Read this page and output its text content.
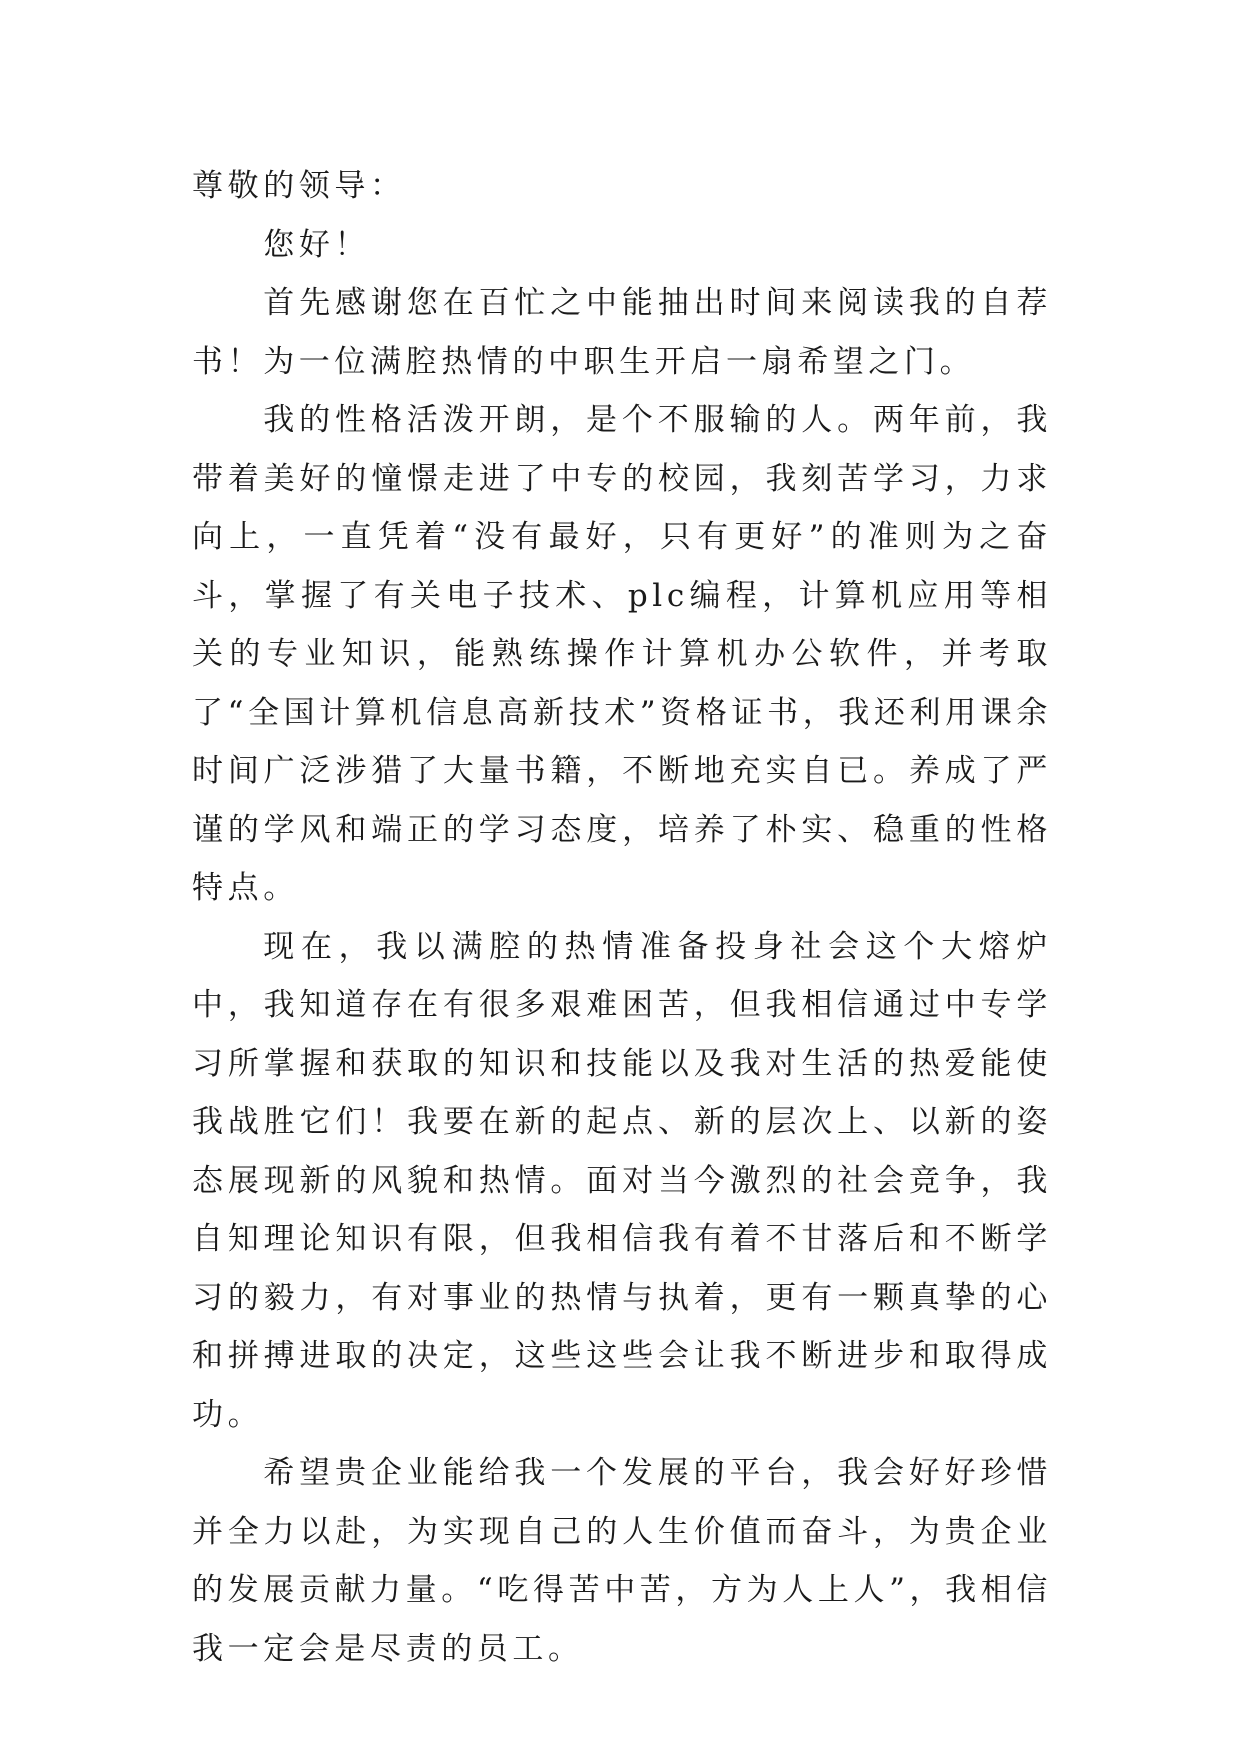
尊敬的领导：

您好！

首先感谢您在百忙之中能抽出时间来阅读我的自荐书！为一位满腔热情的中职生开启一扇希望之门。

我的性格活泼开朗，是个不服输的人。两年前，我带着美好的憧憬走进了中专的校园，我刻苦学习，力求向上，一直凭着“没有最好，只有更好”的准则为之奋斗，掌握了有关电子技术、plc编程，计算机应用等相关的专业知识，能熟练操作计算机办公软件，并考取了“全国计算机信息高新技术”资格证书，我还利用课余时间广泛涉猎了大量书籍，不断地充实自已。养成了严谨的学风和端正的学习态度，培养了朴实、稳重的性格特点。

现在，我以满腔的热情准备投身社会这个大熔炉中，我知道存在有很多艰难困苦，但我相信通过中专学习所掌握和获取的知识和技能以及我对生活的热爱能使我战胜它们！我要在新的起点、新的层次上、以新的姿态展现新的风貌和热情。面对当今激烈的社会竞争，我自知理论知识有限，但我相信我有着不甘落后和不断学习的毅力，有对事业的热情与执着，更有一颗真挚的心和拼搏进取的决定，这些这些会让我不断进步和取得成功。

希望贵企业能给我一个发展的平台，我会好好珍惜并全力以赴，为实现自己的人生价值而奋斗，为贵企业的发展贡献力量。“吃得苦中苦，方为人上人”，我相信我一定会是尽责的员工。
